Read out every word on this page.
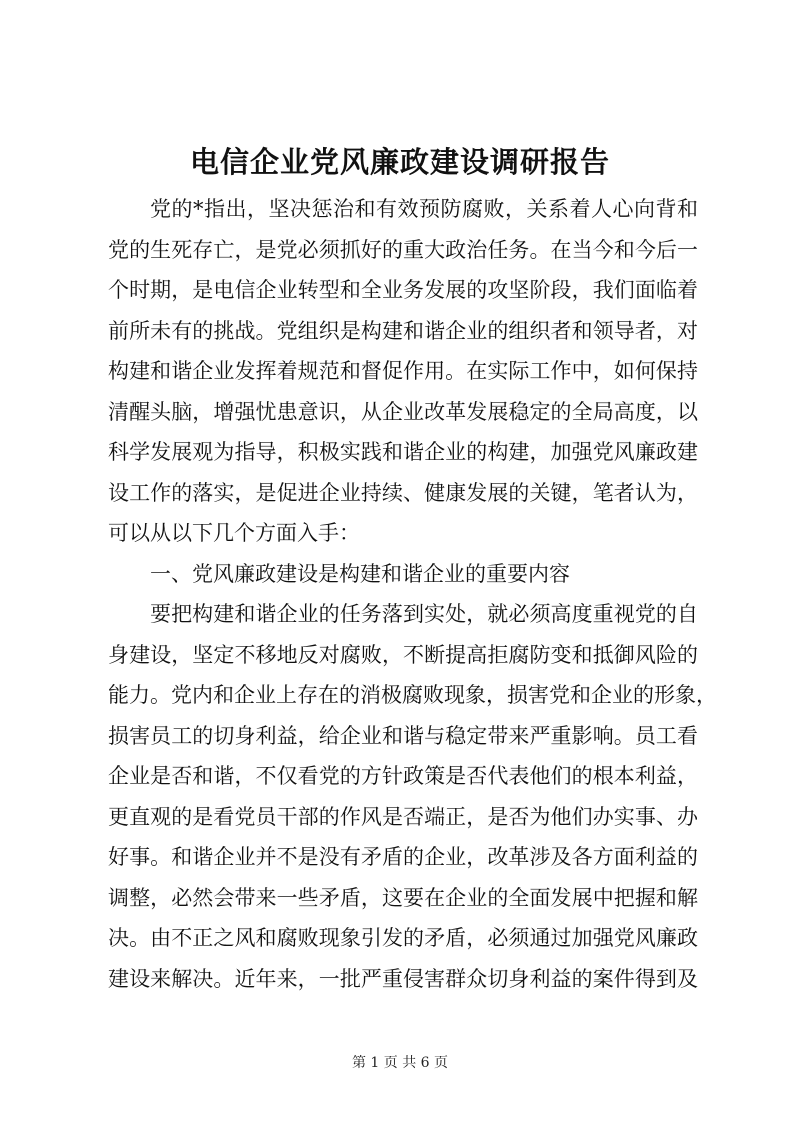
电信企业党风廉政建设调研报告

党的*指出，坚决惩治和有效预防腐败，关系着人心向背和

党的生死存亡，是党必须抓好的重大政治任务。在当今和今后一

个时期，是电信企业转型和全业务发展的攻坚阶段，我们面临着

前所未有的挑战。党组织是构建和谐企业的组织者和领导者，对

构建和谐企业发挥着规范和督促作用。在实际工作中，如何保持

清醒头脑，增强忧患意识，从企业改革发展稳定的全局高度，以

科学发展观为指导，积极实践和谐企业的构建，加强党风廉政建

设工作的落实，是促进企业持续、健康发展的关键，笔者认为，

可以从以下几个方面入手：

一、党风廉政建设是构建和谐企业的重要内容

要把构建和谐企业的任务落到实处，就必须高度重视党的自

身建设，坚定不移地反对腐败，不断提高拒腐防变和抵御风险的

能力。党内和企业上存在的消极腐败现象，损害党和企业的形象，

损害员工的切身利益，给企业和谐与稳定带来严重影响。员工看

企业是否和谐，不仅看党的方针政策是否代表他们的根本利益，

更直观的是看党员干部的作风是否端正，是否为他们办实事、办

好事。和谐企业并不是没有矛盾的企业，改革涉及各方面利益的

调整，必然会带来一些矛盾，这要在企业的全面发展中把握和解

决。由不正之风和腐败现象引发的矛盾，必须通过加强党风廉政

建设来解决。近年来，一批严重侵害群众切身利益的案件得到及

第 1 页 共 6 页
